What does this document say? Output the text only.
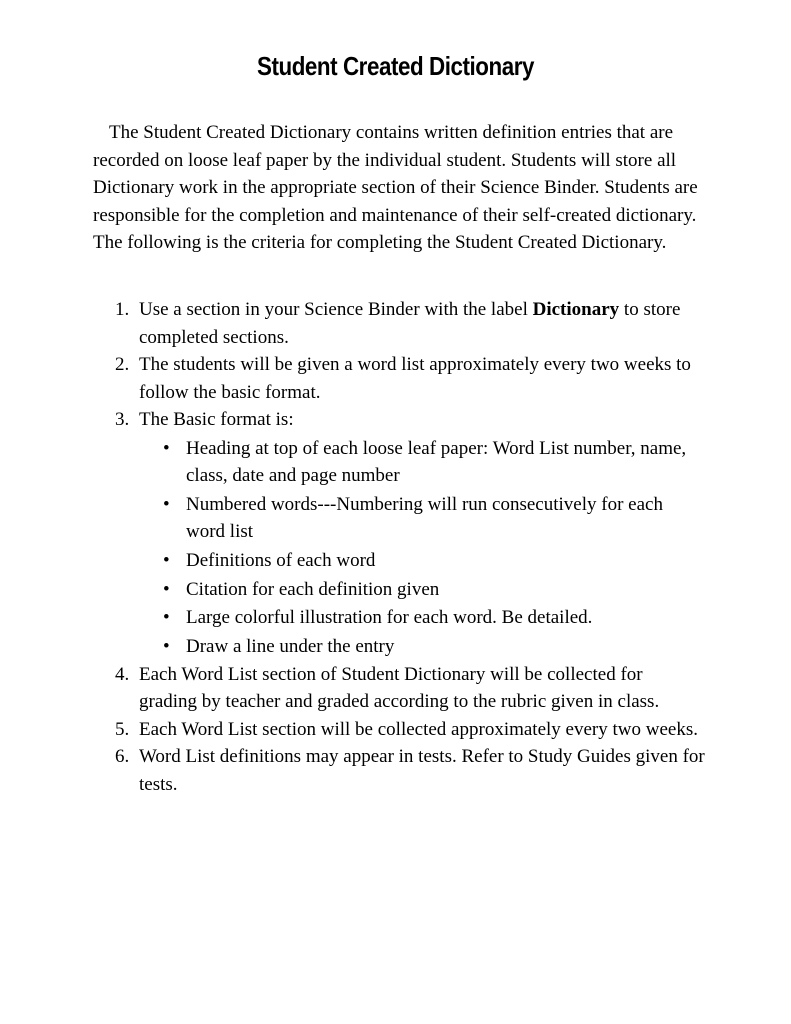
Student Created Dictionary

The Student Created Dictionary contains written definition entries that are recorded on loose leaf paper by the individual student. Students will store all Dictionary work in the appropriate section of their Science Binder. Students are responsible for the completion and maintenance of their self-created dictionary. The following is the criteria for completing the Student Created Dictionary.

1. Use a section in your Science Binder with the label Dictionary to store completed sections.
2. The students will be given a word list approximately every two weeks to follow the basic format.
3. The Basic format is:
• Heading at top of each loose leaf paper: Word List number, name, class, date and page number
• Numbered words---Numbering will run consecutively for each word list
• Definitions of each word
• Citation for each definition given
• Large colorful illustration for each word. Be detailed.
• Draw a line under the entry
4. Each Word List section of Student Dictionary will be collected for grading by teacher and graded according to the rubric given in class.
5. Each Word List section will be collected approximately every two weeks.
6. Word List definitions may appear in tests. Refer to Study Guides given for tests.
